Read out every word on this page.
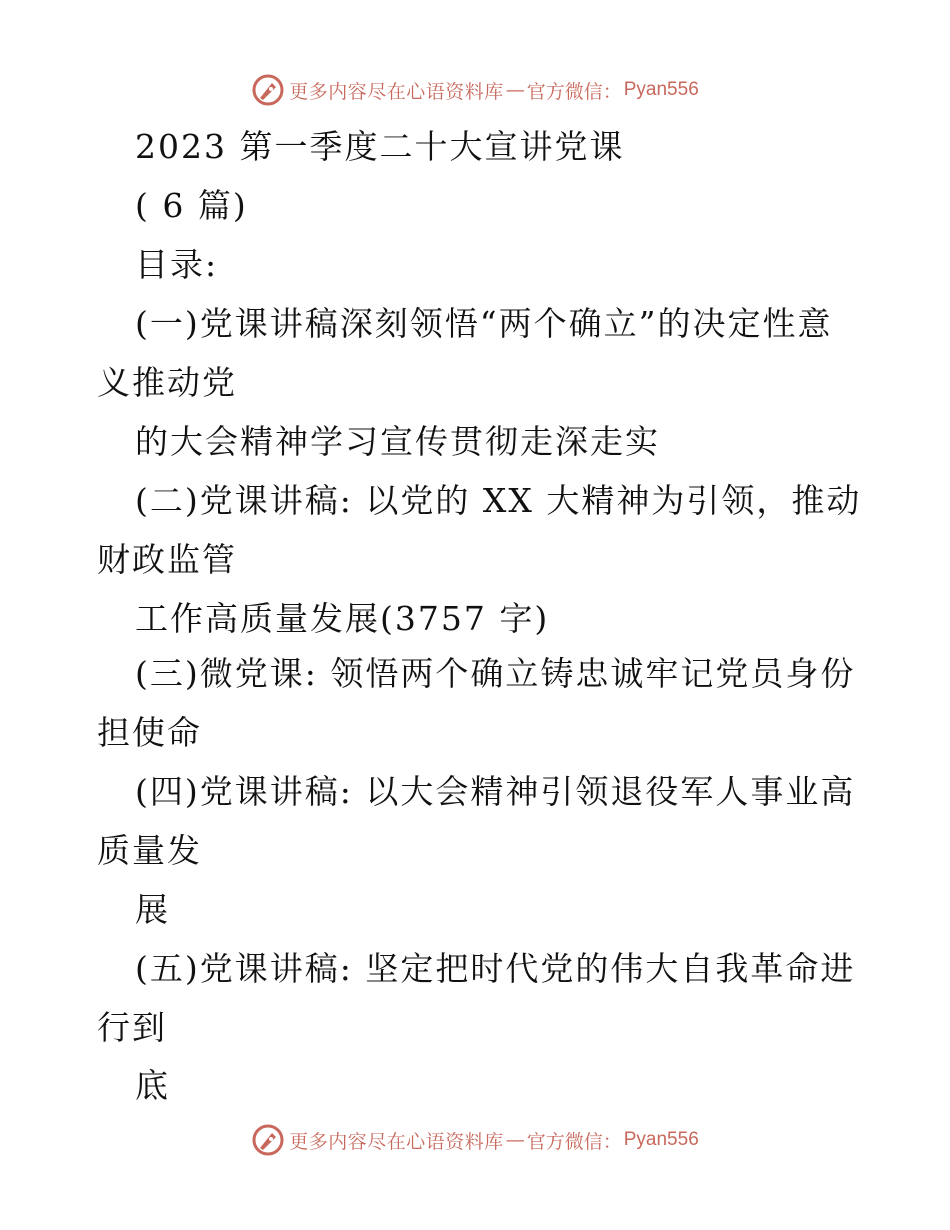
更多内容尽在心语资料库 — 官方微信： Pyan556
2023 第一季度二十大宣讲党课
( 6 篇)
目录:
(一)党课讲稿深刻领悟“两个确立”的决定性意
义推动党
的大会精神学习宣传贯彻走深走实
(二)党课讲稿: 以党的 XX 大精神为引领，推动
财政监管
工作高质量发展(3757 字)
(三)微党课: 领悟两个确立铸忠诚牢记党员身份
担使命
(四)党课讲稿: 以大会精神引领退役军人事业高
质量发
展
(五)党课讲稿: 坚定把时代党的伟大自我革命进
行到
底
更多内容尽在心语资料库 — 官方微信： Pyan556
